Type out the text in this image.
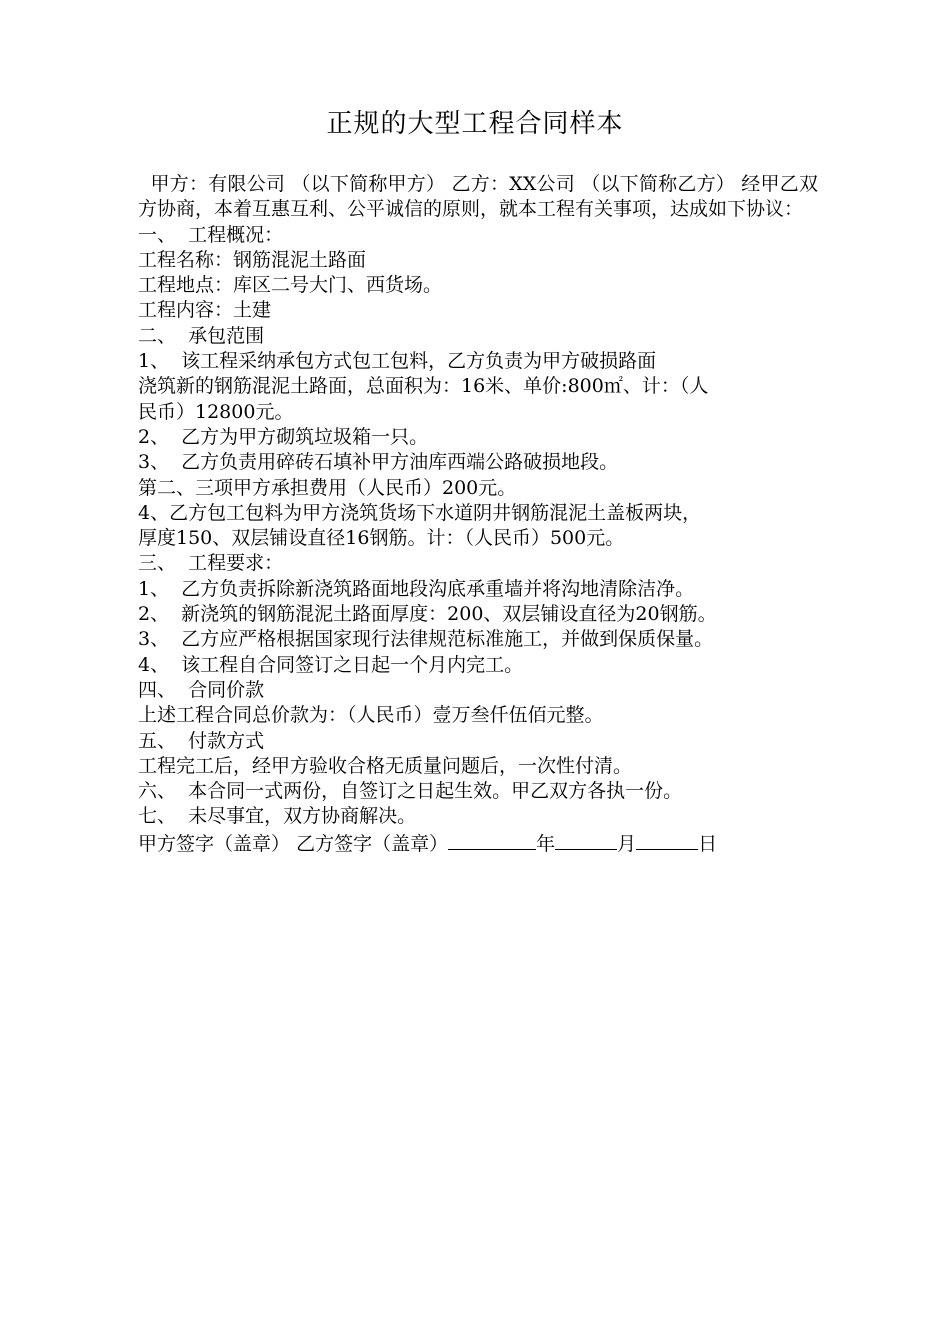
正规的大型工程合同样本

甲方：有限公司 （以下简称甲方） 乙方：XX公司 （以下简称乙方） 经甲乙双方协商，本着互惠互利、公平诚信的原则，就本工程有关事项，达成如下协议：

一、  工程概况：
工程名称：钢筋混泥土路面
工程地点：库区二号大门、西货场。
工程内容：土建
二、  承包范围
1、  该工程采纳承包方式包工包料，乙方负责为甲方破损路面
浇筑新的钢筋混泥土路面，总面积为：16米、单价:800㎡、计：（人
民币）12800元。
2、  乙方为甲方砌筑垃圾箱一只。
3、  乙方负责用碎砖石填补甲方油库西端公路破损地段。
第二、三项甲方承担费用（人民币）200元。
4、乙方包工包料为甲方浇筑货场下水道阴井钢筋混泥土盖板两块，
厚度150、双层铺设直径16钢筋。计：（人民币）500元。
三、  工程要求：
1、  乙方负责拆除新浇筑路面地段沟底承重墙并将沟地清除洁净。
2、  新浇筑的钢筋混泥土路面厚度：200、双层铺设直径为20钢筋。
3、  乙方应严格根据国家现行法律规范标准施工，并做到保质保量。
4、  该工程自合同签订之日起一个月内完工。
四、  合同价款
上述工程合同总价款为：（人民币）壹万叁仟伍佰元整。
五、  付款方式
工程完工后，经甲方验收合格无质量问题后，一次性付清。
六、  本合同一式两份，自签订之日起生效。甲乙双方各执一份。
七、  未尽事宜，双方协商解决。
甲方签字（盖章） 乙方签字（盖章）	年	月	日
